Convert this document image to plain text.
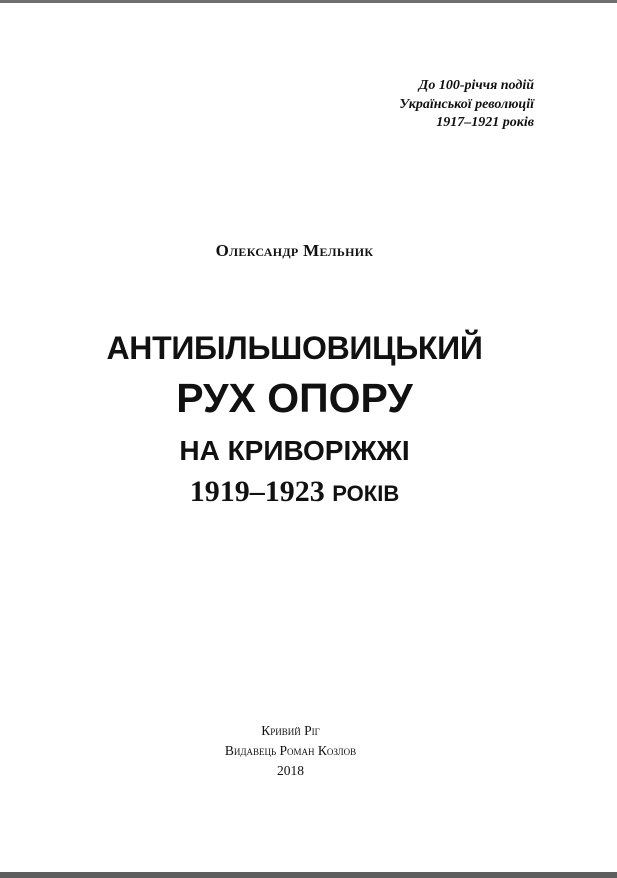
До 100-річчя подій
Української революції
1917–1921 років
Олександр Мельник
АНТИБІЛЬШОВИЦЬКИЙ
РУХ ОПОРУ
НА КРИВОРІЖЖІ
1919–1923 РОКІВ
Кривий Ріг
Видавець Роман Козлов
2018
